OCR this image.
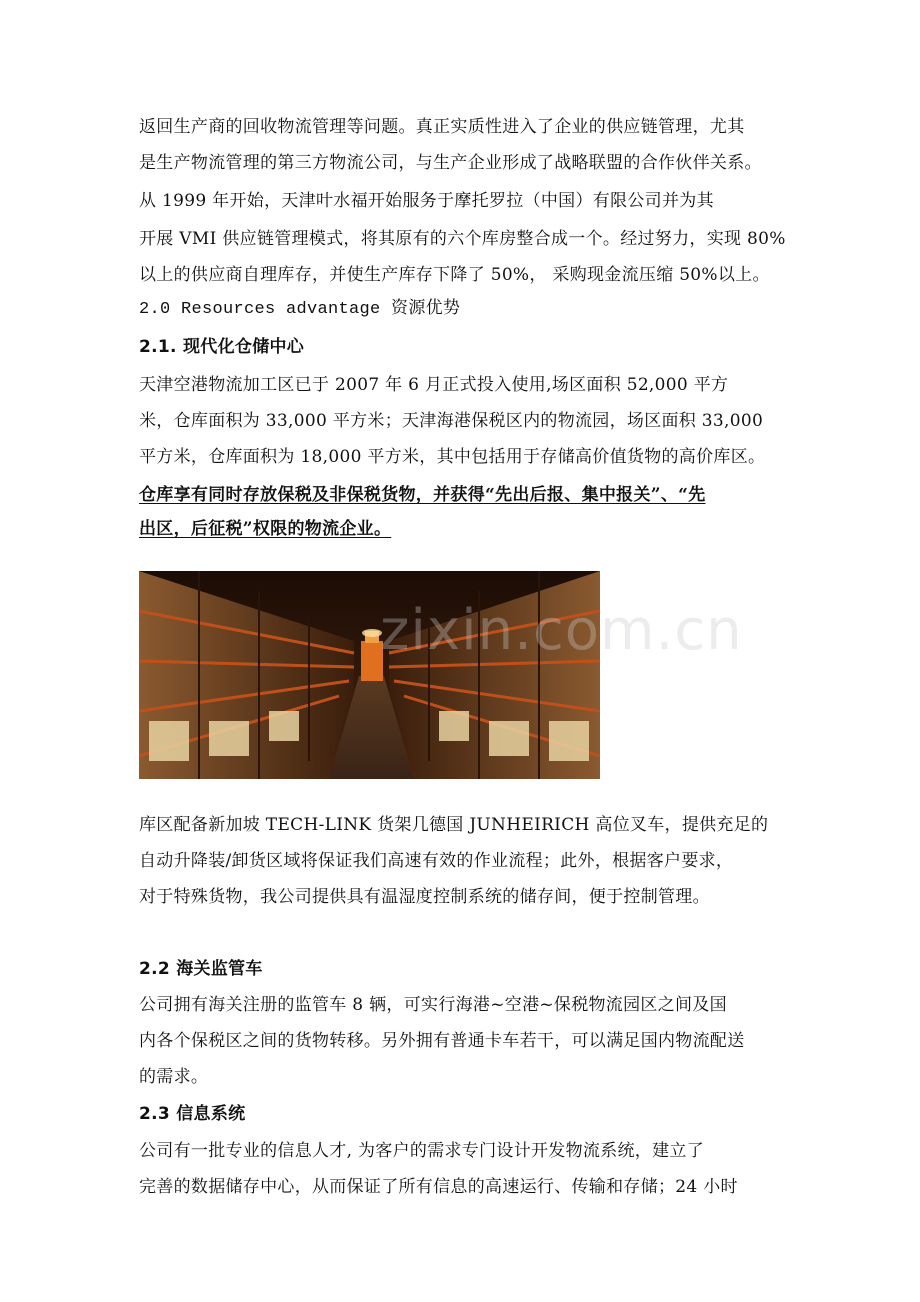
返回生产商的回收物流管理等问题。真正实质性进入了企业的供应链管理，尤其
是生产物流管理的第三方物流公司，与生产企业形成了战略联盟的合作伙伴关系。
从 1999 年开始，天津叶水福开始服务于摩托罗拉（中国）有限公司并为其
开展 VMI 供应链管理模式，将其原有的六个库房整合成一个。经过努力，实现 80%
以上的供应商自理库存，并使生产库存下降了 50%， 采购现金流压缩 50%以上。
2.0 Resources advantage 资源优势
2.1. 现代化仓储中心
天津空港物流加工区已于 2007 年 6 月正式投入使用,场区面积 52,000 平方
米，仓库面积为 33,000 平方米；天津海港保税区内的物流园，场区面积 33,000
平方米，仓库面积为 18,000 平方米，其中包括用于存储高价值货物的高价库区。
仓库享有同时存放保税及非保税货物，并获得“先出后报、集中报关”、“先
出区，后征税”权限的物流企业。
zixin.com.cn
库区配备新加坡 TECH-LINK 货架几德国 JUNHEIRICH 高位叉车，提供充足的
自动升降装/卸货区域将保证我们高速有效的作业流程；此外，根据客户要求，
对于特殊货物，我公司提供具有温湿度控制系统的储存间，便于控制管理。
2.2 海关监管车
公司拥有海关注册的监管车 8 辆，可实行海港~空港~保税物流园区之间及国
内各个保税区之间的货物转移。另外拥有普通卡车若干，可以满足国内物流配送
的需求。
2.3 信息系统
公司有一批专业的信息人才, 为客户的需求专门设计开发物流系统，建立了
完善的数据储存中心，从而保证了所有信息的高速运行、传输和存储；24 小时
